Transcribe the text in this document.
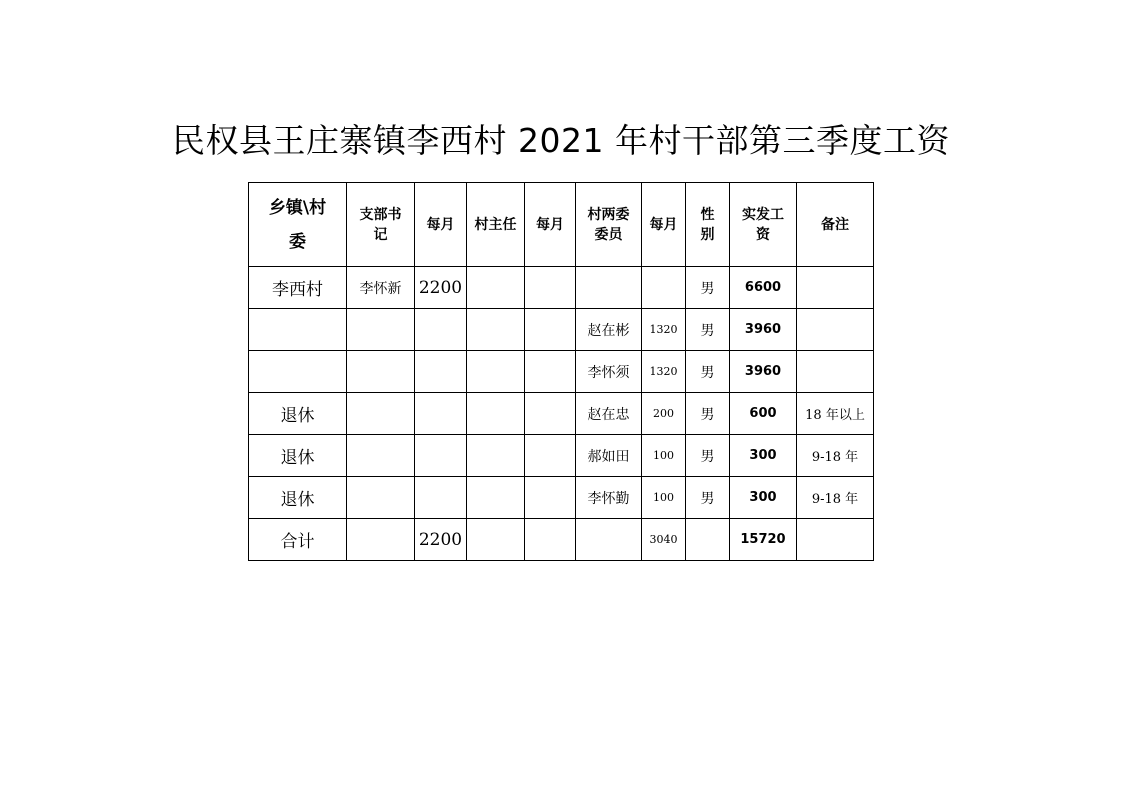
民权县王庄寨镇李西村 2021 年村干部第三季度工资
乡镇\村委	支部书记	每月	村主任	每月	村两委委员	每月	性别	实发工资	备注
李西村	李怀新	2200					男	6600	
					赵在彬	1320	男	3960	
					李怀须	1320	男	3960	
退休					赵在忠	200	男	600	18 年以上
退休					郝如田	100	男	300	9-18 年
退休					李怀勤	100	男	300	9-18 年
合计		2200				3040		15720	
